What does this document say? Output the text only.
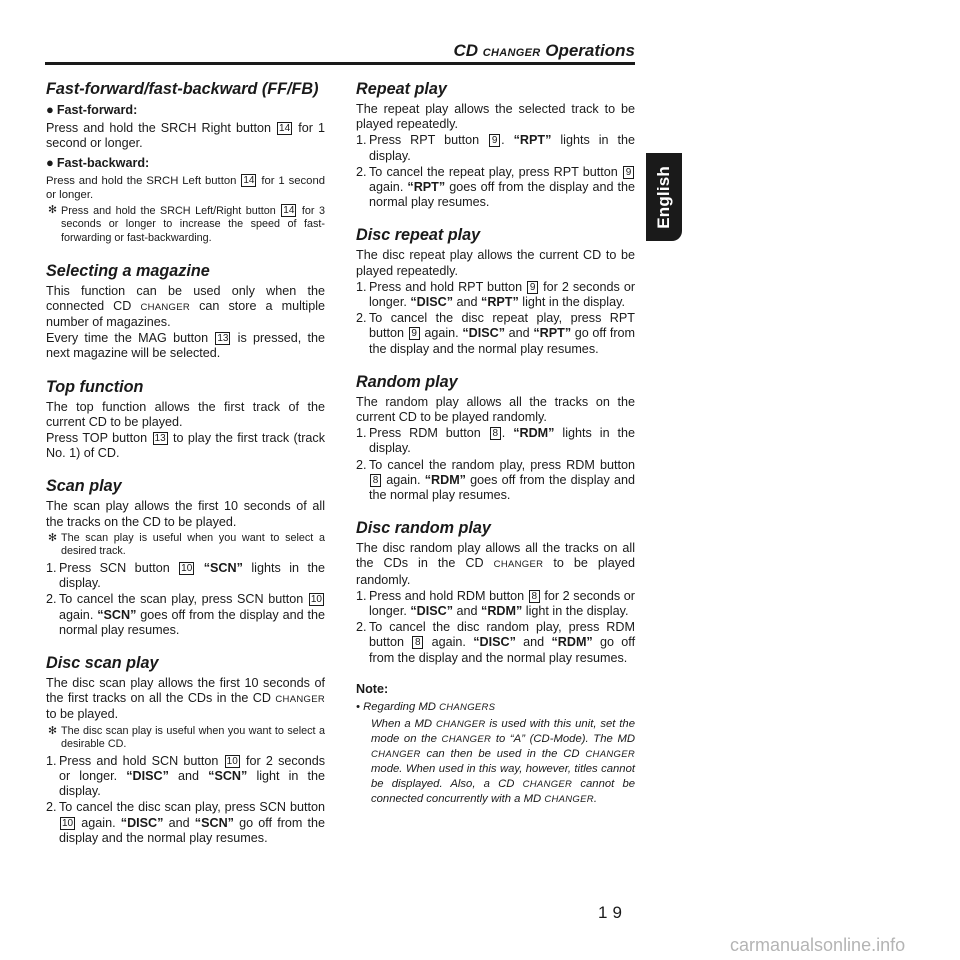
CD CHANGER Operations
English
Fast-forward/fast-backward (FF/FB)
● Fast-forward:

Press and hold the SRCH Right button 14 for 1 second or longer.

● Fast-backward:

Press and hold the SRCH Left button 14 for 1 second or longer.

✻ Press and hold the SRCH Left/Right button 14 for 3 seconds or longer to increase the speed of fast-forwarding or fast-backwarding.
Selecting a magazine

This function can be used only when the connected CD CHANGER can store a multiple number of magazines.

Every time the MAG button 13 is pressed, the next magazine will be selected.

Top function

The top function allows the first track of the current CD to be played.

Press TOP button 13 to play the first track (track No. 1) of CD.

Scan play

The scan play allows the first 10 seconds of all the tracks on the CD to be played.

✻ The scan play is useful when you want to select a desired track.
1. Press SCN button 10 “SCN” lights in the display.
2. To cancel the scan play, press SCN button 10 again. “SCN” goes off from the display and the normal play resumes.
Disc scan play

The disc scan play allows the first 10 seconds of the first tracks on all the CDs in the CD CHANGER to be played.

✻ The disc scan play is useful when you want to select a desirable CD.
1. Press and hold SCN button 10 for 2 seconds or longer. “DISC” and “SCN” light in the display.
2. To cancel the disc scan play, press SCN button 10 again. “DISC” and “SCN” go off from the display and the normal play resumes.
Repeat play

The repeat play allows the selected track to be played repeatedly.

1. Press RPT button 9 . “RPT” lights in the display.
2. To cancel the repeat play, press RPT button 9 again. “RPT” goes off from the display and the normal play resumes.
Disc repeat play

The disc repeat play allows the current CD to be played repeatedly.

1. Press and hold RPT button 9 for 2 seconds or longer. “DISC” and “RPT” light in the display.
2. To cancel the disc repeat play, press RPT button 9 again. “DISC” and “RPT” go off from the display and the normal play resumes.
Random play

The random play allows all the tracks on the current CD to be played randomly.

1. Press RDM button 8 . “RDM” lights in the display.
2. To cancel the random play, press RDM button 8 again. “RDM” goes off from the display and the normal play resumes.
Disc random play

The disc random play allows all the tracks on all the CDs in the CD CHANGER to be played randomly.

1. Press and hold RDM button 8 for 2 seconds or longer. “DISC” and “RDM” light in the display.
2. To cancel the disc random play, press RDM button 8 again. “DISC” and “RDM” go off from the display and the normal play resumes.
Note:
• Regarding MD CHANGERS
When a MD CHANGER is used with this unit, set the mode on the CHANGER to “A” (CD-Mode). The MD CHANGER can then be used in the CD CHANGER mode. When used in this way, however, titles cannot be displayed. Also, a CD CHANGER cannot be connected concurrently with a MD CHANGER.
19
carmanualsonline.info
